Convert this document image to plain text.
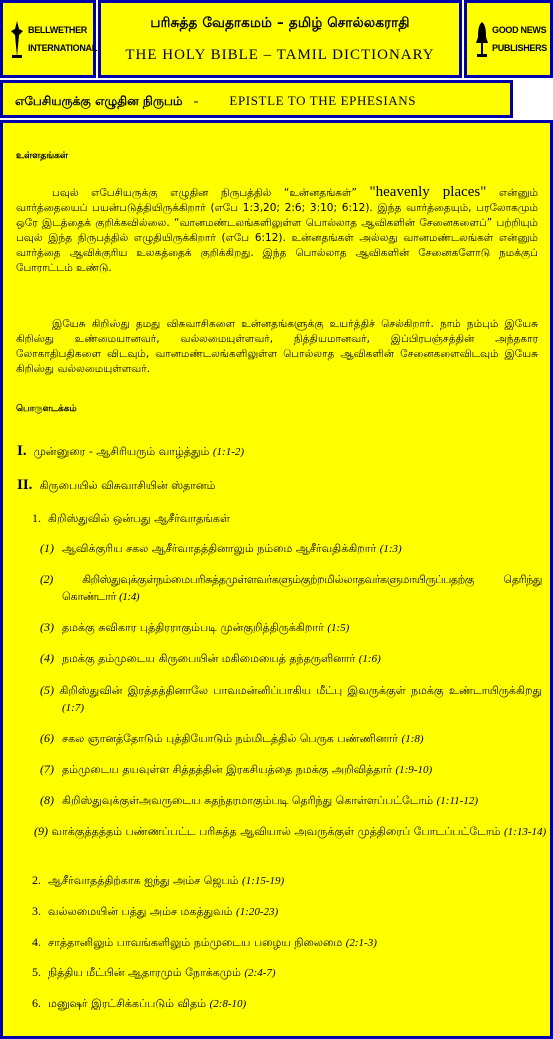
BELLWETHER
INTERNATIONAL
பரிசுத்த வேதாகமம் – தமிழ் சொல்லகராதி
THE HOLY BIBLE – TAMIL DICTIONARY
GOOD NEWS
PUBLISHERS
எபேசியருக்கு எழுதின நிருபம் - EPISTLE TO THE EPHESIANS
உள்ளதங்கள்
பவுல் எபேசியருக்கு எழுதின நிருபத்தில் “உன்னதங்கள்” "heavenly places" என்னும் வார்த்தையைப் பயன்படுத்தியிருக்கிறார் (எபே 1:3,20; 2:6; 3:10; 6:12). இந்த வார்த்தையும், பரலோகமும் ஒரே இடத்தைக் குறிக்கவில்லை. “வானமண்டலங்களிலுள்ள பொல்லாத ஆவிகளின் சேனைகளைப்” பற்றியும் பவுல் இந்த நிருபத்தில் எழுதியிருக்கிறார் (எபே 6:12). உன்னதங்கள் அல்லது வானமண்டலங்கள் என்னும் வார்த்தை ஆவிக்குரிய உலகத்தைக் குறிக்கிறது. இந்த பொல்லாத ஆவிகளின் சேனைகளோடு நமக்குப் போராட்டம் உண்டு.
இயேசு கிறிஸ்து தமது விசுவாசிகளை உன்னதங்களுக்கு உயர்த்திச் செல்கிறார். நாம் நம்பும் இயேசு கிறிஸ்து உண்மையானவர், வல்லமையுள்ளவர், நித்தியமானவர், இப்பிரபஞ்சத்தின் அந்தகார லோகாதிபதிகளை விடவும், வானமண்டலங்களிலுள்ள பொல்லாத ஆவிகளின் சேனைகளைவிடவும் இயேசு கிறிஸ்து வல்லமையுள்ளவர்.
பொருளடக்கம்
I. முன்னுரை - ஆசிரியரும் வாழ்த்தும் (1:1-2)
II. கிருபையில் விசுவாசியின் ஸ்தானம்
1. கிறிஸ்துவில் ஒன்பது ஆசீர்வாதங்கள்
(1) ஆவிக்குரிய சகல ஆசீர்வாதத்தினாலும் நம்மை ஆசீர்வதிக்கிறார் (1:3)
(2)	கிறிஸ்துவுக்குள்நம்மைபரிசுத்தமுள்ளவர்களும்குற்றமில்லாதவர்களுமாயிருப்பதற்கு தெரிந்து கொண்டார் (1:4)
(3) தமக்கு சுவிகார புத்திரராகும்படி முன்குறித்திருக்கிறார் (1:5)
(4) நமக்கு தம்முடைய கிருபையின் மகிமையைத் தந்தருளினார் (1:6)
(5) கிறிஸ்துவின் இரத்தத்தினாலே பாவமன்னிப்பாகிய மீட்பு இவருக்குள் நமக்கு உண்டாயிருக்கிறது (1:7)
(6) சகல ஞானத்தோடும் புத்தியோடும் நம்மிடத்தில் பெருக பண்ணினார் (1:8)
(7) தம்முடைய தயவுள்ள சித்தத்தின் இரகசியத்தை நமக்கு அறிவித்தார் (1:9-10)
(8) கிறிஸ்துவுக்குள்அவருடைய சுதந்தரமாகும்படி தெரிந்து கொள்ளப்பட்டோம் (1:11-12)
(9) வாக்குத்தத்தம் பண்ணப்பட்ட பரிசுத்த ஆவியால் அவருக்குள் முத்திரைப் போடப்பட்டோம் (1:13-14)
2. ஆசீர்வாதத்திற்காக ஐந்து அம்ச ஜெபம் (1:15-19)
3. வல்லமையின் பத்து அம்ச மகத்துவம் (1:20-23)
4. சாத்தானிலும் பாவங்களிலும் நம்முடைய பழைய நிலைமை (2:1-3)
5. நித்திய மீட்பின் ஆதாரமும் நோக்கமும் (2:4-7)
6. மனுஷர் இரட்சிக்கப்படும் விதம் (2:8-10)
